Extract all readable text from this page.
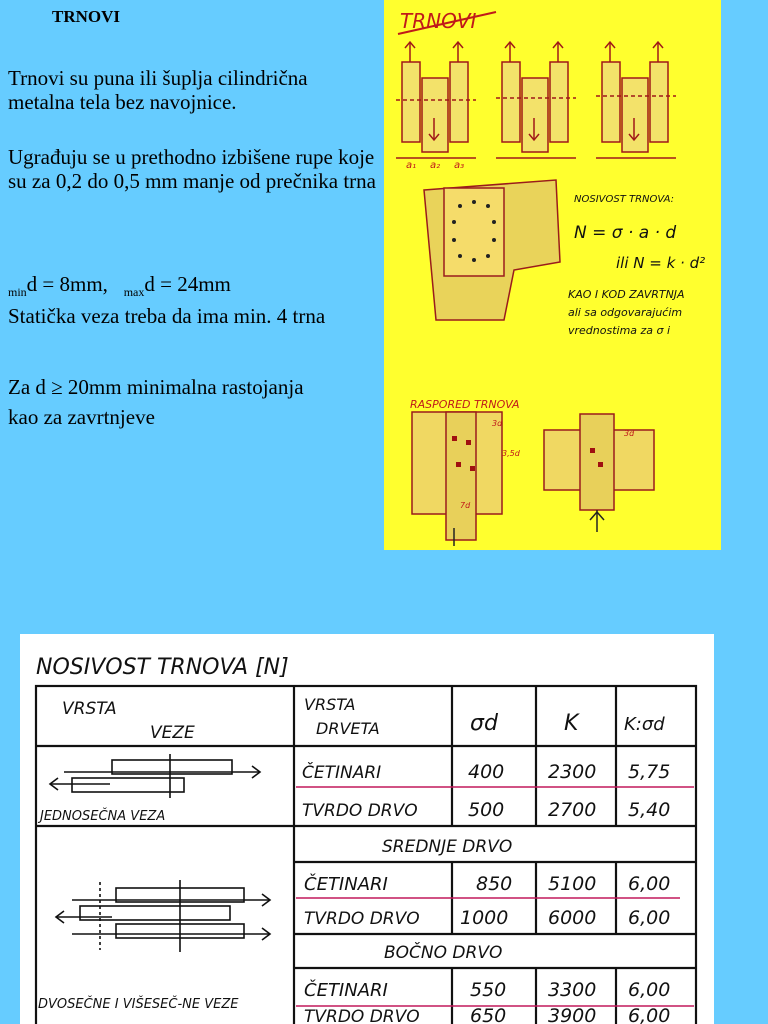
TRNOVI
Trnovi su puna ili šuplja cilindrična metalna tela bez navojnice.
Ugrađuju se u prethodno izbišene rupe koje su za 0,2 do 0,5 mm manje od prečnika trna
$_{min}$d = 8mm, $_{max}$d = 24mm
Statička veza treba da ima min. 4 trna
Za d ≥ 20mm minimalna rastojanja
kao za zavrtnjeve
TRNOVI
a₁ a₂ a₃
NOSIVOST TRNOVA:
N = σ · a · d
ili N = k · d²
KAO I KOD ZAVRTNJA
ali sa odgovarajućim
vrednostima za σ i
RASPORED TRNOVA
3d
3,5d
7d
3d
NOSIVOST TRNOVA [N]
VRSTA
VEZE
VRSTA
DRVETA	σd	K	K:σd
JEDNOSEČNA VEZA
ČETINARI	400 2300 5,75
TVRDO DRVO	500 2700 5,40
SREDNJE DRVO
ČETINARI	850 5100 6,00
TVRDO DRVO 1000 6000 6,00
BOČNO DRVO
DVOSEČNE I VIŠESEČ-NE VEZE
ČETINARI	550 3300 6,00
TVRDO DRVO	650 3900 6,00
